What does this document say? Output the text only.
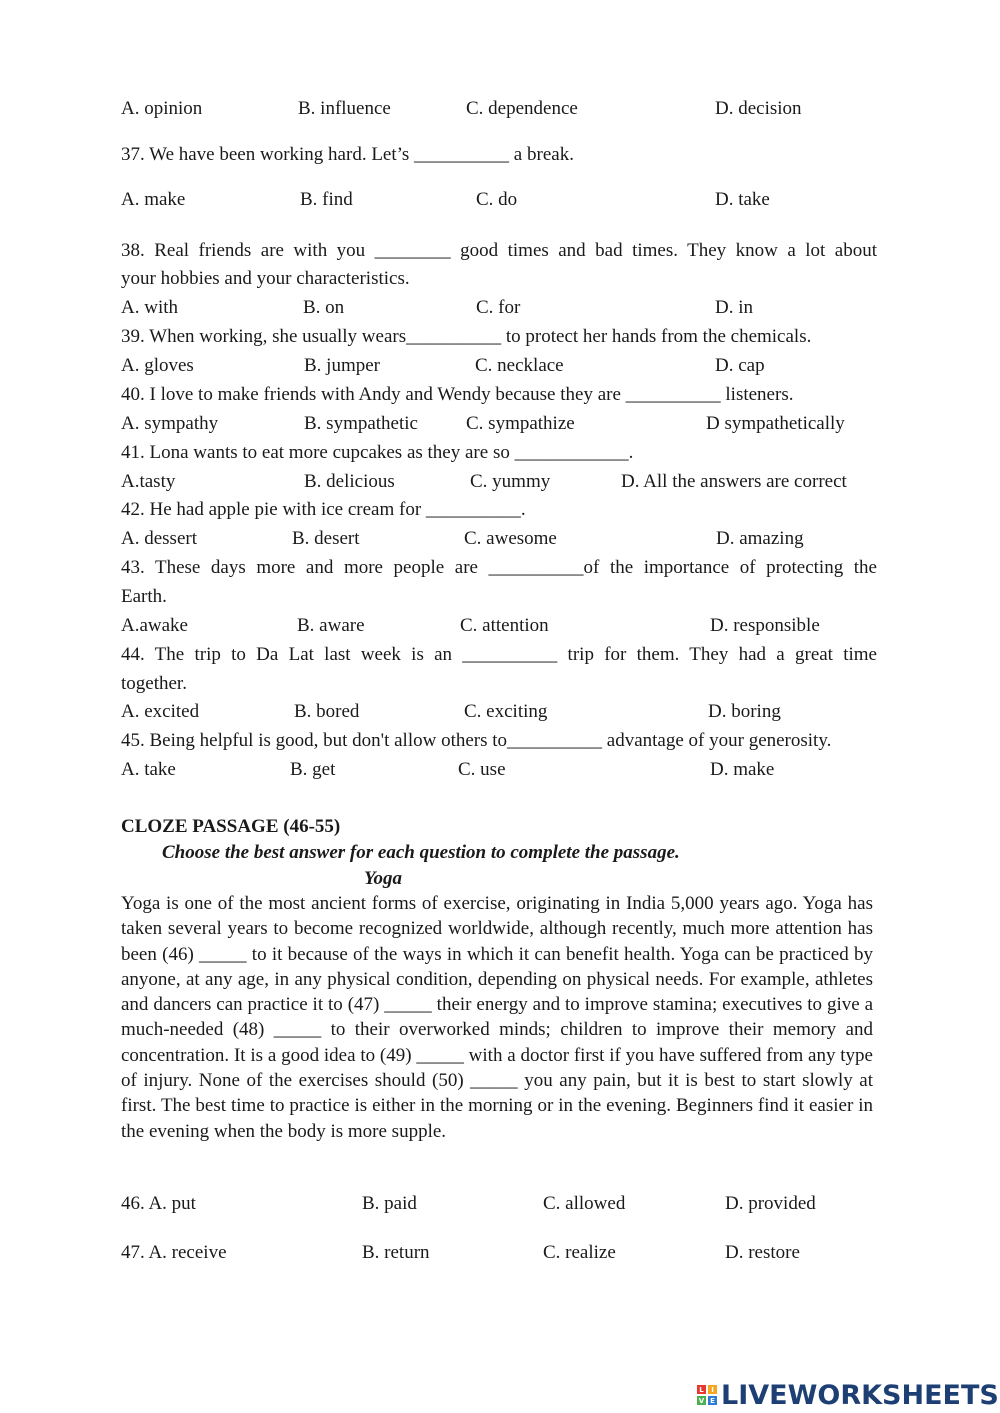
A. opinion	B. influence	C. dependence	D. decision
37. We have been working hard. Let’s __________ a break.
A. make	B. find	C. do	D. take
38. Real friends are with you ________ good times and bad times. They know a lot about
your hobbies and your characteristics.
A. with	B. on	C. for	D. in
39. When working, she usually wears__________ to protect her hands from the chemicals.
A. gloves	B. jumper	C. necklace	D. cap
40. I love to make friends with Andy and Wendy because they are __________ listeners.
A. sympathy	B. sympathetic	C. sympathize	D sympathetically
41. Lona wants to eat more cupcakes as they are so ____________.
A.tasty	B. delicious	C. yummy	D. All the answers are correct
42. He had apple pie with ice cream for __________.
A. dessert	B. desert	C. awesome	D. amazing
43. These days more and more people are __________of the importance of protecting the
Earth.
A.awake	B. aware	C. attention	D. responsible
44. The trip to Da Lat last week is an __________ trip for them. They had a great time
together.
A. excited	B. bored	C. exciting	D. boring
45. Being helpful is good, but don't allow others to__________ advantage of your generosity.
A. take	B. get	C. use	D. make
CLOZE PASSAGE (46-55)
Choose the best answer for each question to complete the passage.
Yoga

Yoga is one of the most ancient forms of exercise, originating in India 5,000 years ago. Yoga has taken several years to become recognized worldwide, although recently, much more attention has been (46) _____ to it because of the ways in which it can benefit health. Yoga can be practiced by anyone, at any age, in any physical condition, depending on physical needs. For example, athletes and dancers can practice it to (47) _____ their energy and to improve stamina; executives to give a much-needed (48) _____ to their overworked minds; children to improve their memory and concentration. It is a good idea to (49) _____ with a doctor first if you have suffered from any type of injury. None of the exercises should (50) _____ you any pain, but it is best to start slowly at first. The best time to practice is either in the morning or in the evening. Beginners find it easier in the evening when the body is more supple.

46. A. put	B. paid	C. allowed	D. provided
47. A. receive	B. return	C. realize	D. restore
L	I
V E LIVEWORKSHEETS
